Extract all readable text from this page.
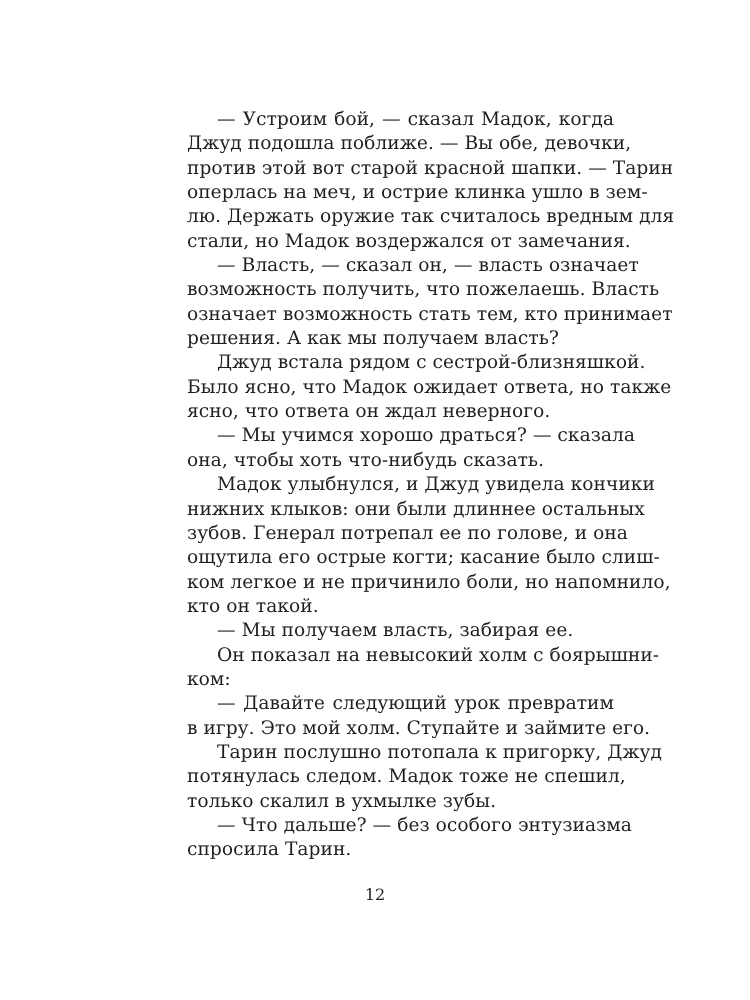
— Устроим бой, — сказал Мадок, когда
Джуд подошла поближе. — Вы обе, девочки,
против этой вот старой красной шапки. — Тарин
оперлась на меч, и острие клинка ушло в зем-
лю. Держать оружие так считалось вредным для
стали, но Мадок воздержался от замечания.
— Власть, — сказал он, — власть означает
возможность получить, что пожелаешь. Власть
означает возможность стать тем, кто принимает
решения. А как мы получаем власть?
Джуд встала рядом с сестрой-близняшкой.
Было ясно, что Мадок ожидает ответа, но также
ясно, что ответа он ждал неверного.
— Мы учимся хорошо драться? — сказала
она, чтобы хоть что-нибудь сказать.
Мадок улыбнулся, и Джуд увидела кончики
нижних клыков: они были длиннее остальных
зубов. Генерал потрепал ее по голове, и она
ощутила его острые когти; касание было слиш-
ком легкое и не причинило боли, но напомнило,
кто он такой.
— Мы получаем власть, забирая ее.
Он показал на невысокий холм с боярышни-
ком:
— Давайте следующий урок превратим
в игру. Это мой холм. Ступайте и займите его.
Тарин послушно потопала к пригорку, Джуд
потянулась следом. Мадок тоже не спешил,
только скалил в ухмылке зубы.
— Что дальше? — без особого энтузиазма
спросила Тарин.
12
